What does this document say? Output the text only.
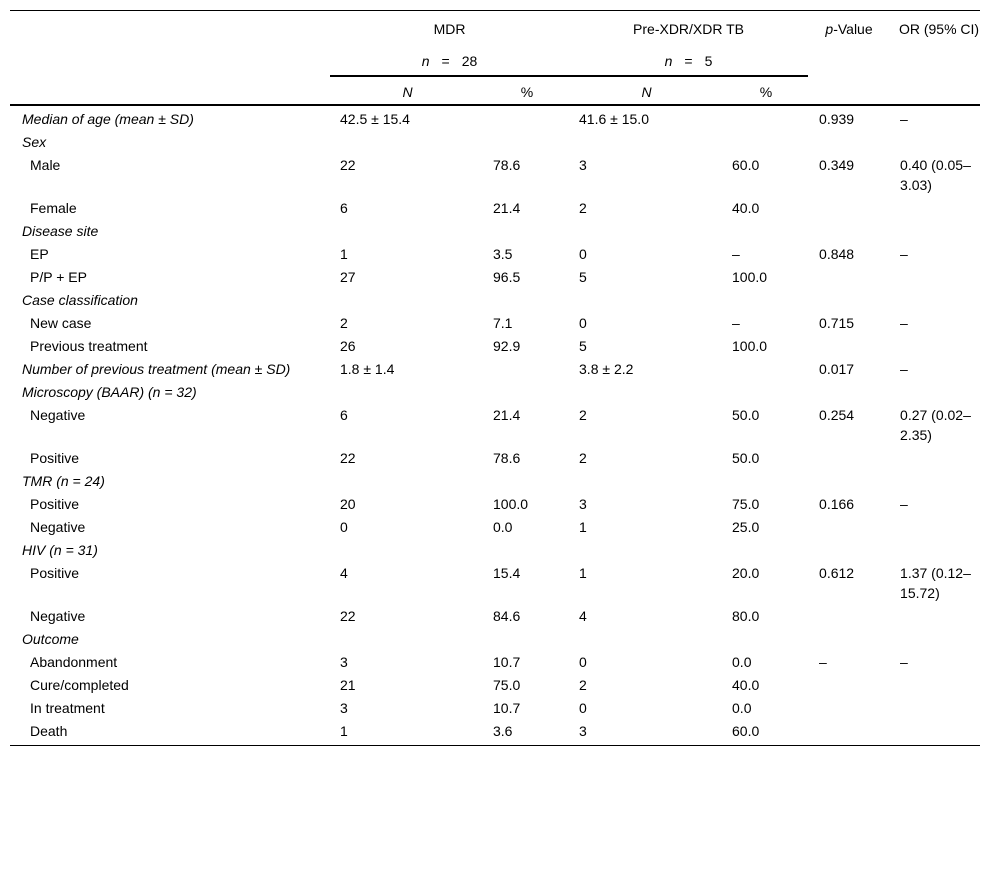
	MDR		Pre-XDR/XDR TB		p-Value	OR (95% CI)
	n = 28		n = 5			
	N	%	N	%		
Median of age (mean ± SD)	42.5 ± 15.4		41.6 ± 15.0		0.939	–
Sex						
Male	22	78.6	3	60.0	0.349	0.40 (0.05–3.03)
Female	6	21.4	2	40.0		
Disease site						
EP	1	3.5	0	–	0.848	–
P/P + EP	27	96.5	5	100.0		
Case classification						
New case	2	7.1	0	–	0.715	–
Previous treatment	26	92.9	5	100.0		
Number of previous treatment (mean ± SD)	1.8 ± 1.4		3.8 ± 2.2		0.017	–
Microscopy (BAAR) (n = 32)						
Negative	6	21.4	2	50.0	0.254	0.27 (0.02–2.35)
Positive	22	78.6	2	50.0		
TMR (n = 24)						
Positive	20	100.0	3	75.0	0.166	–
Negative	0	0.0	1	25.0		
HIV (n = 31)						
Positive	4	15.4	1	20.0	0.612	1.37 (0.12–15.72)
Negative	22	84.6	4	80.0		
Outcome						
Abandonment	3	10.7	0	0.0	–	–
Cure/completed	21	75.0	2	40.0		
In treatment	3	10.7	0	0.0		
Death	1	3.6	3	60.0		
